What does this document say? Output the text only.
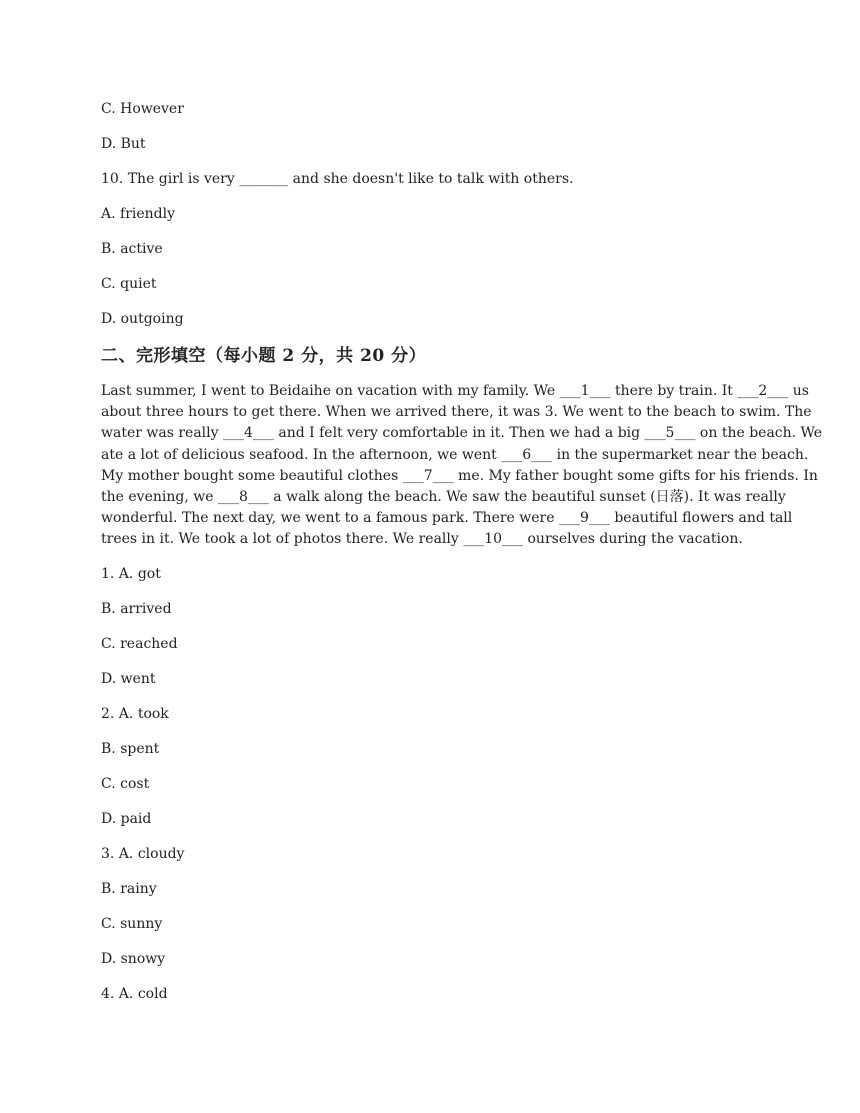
C. However

D. But

10. The girl is very _______ and she doesn't like to talk with others.

A. friendly

B. active

C. quiet

D. outgoing

二、完形填空（每小题 2 分，共 20 分）
Last summer, I went to Beidaihe on vacation with my family. We ___1___ there by train. It ___2___ us
about three hours to get there. When we arrived there, it was 3. We went to the beach to swim. The
water was really ___4___ and I felt very comfortable in it. Then we had a big ___5___ on the beach. We
ate a lot of delicious seafood. In the afternoon, we went ___6___ in the supermarket near the beach.
My mother bought some beautiful clothes ___7___ me. My father bought some gifts for his friends. In
the evening, we ___8___ a walk along the beach. We saw the beautiful sunset (日落). It was really
wonderful. The next day, we went to a famous park. There were ___9___ beautiful flowers and tall
trees in it. We took a lot of photos there. We really ___10___ ourselves during the vacation.

1. A. got

B. arrived

C. reached

D. went

2. A. took

B. spent

C. cost

D. paid

3. A. cloudy

B. rainy

C. sunny

D. snowy

4. A. cold
